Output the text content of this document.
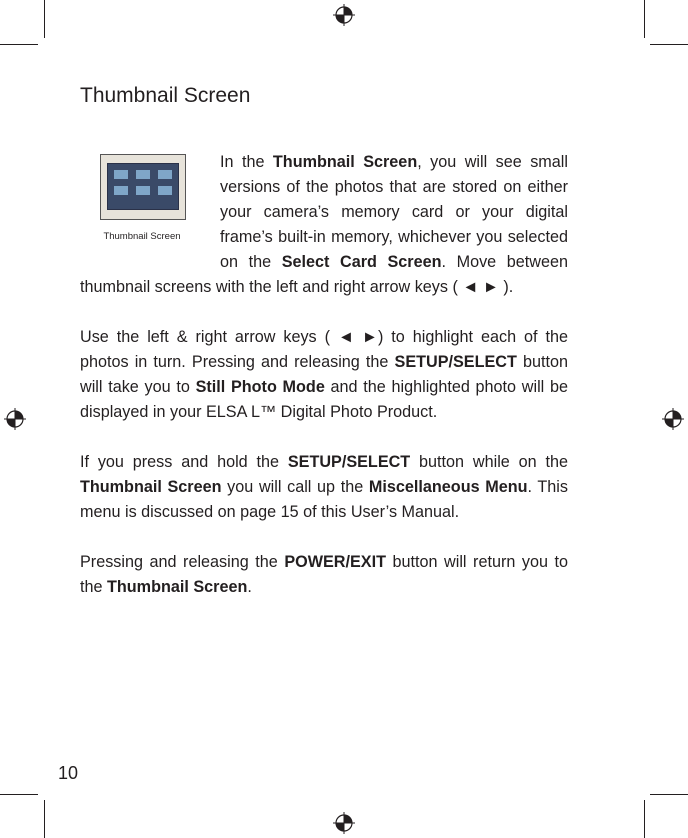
Thumbnail Screen
Thumbnail Screen

In the Thumbnail Screen, you will see small versions of the photos that are stored on either your camera’s memory card or your digital frame’s built-in memory, whichever you selected on the Select Card Screen. Move between thumbnail screens with the left and right arrow keys ( ◄ ► ).

Use the left & right arrow keys ( ◄ ►) to highlight each of the photos in turn. Pressing and releasing the SETUP/SELECT button will take you to Still Photo Mode and the highlighted photo will be displayed in your ELSA L™ Digital Photo Product.

If you press and hold the SETUP/SELECT button while on the Thumbnail Screen you will call up the Miscellaneous Menu. This menu is discussed on page 15 of this User’s Manual.

Pressing and releasing the POWER/EXIT button will return you to the Thumbnail Screen.

10
